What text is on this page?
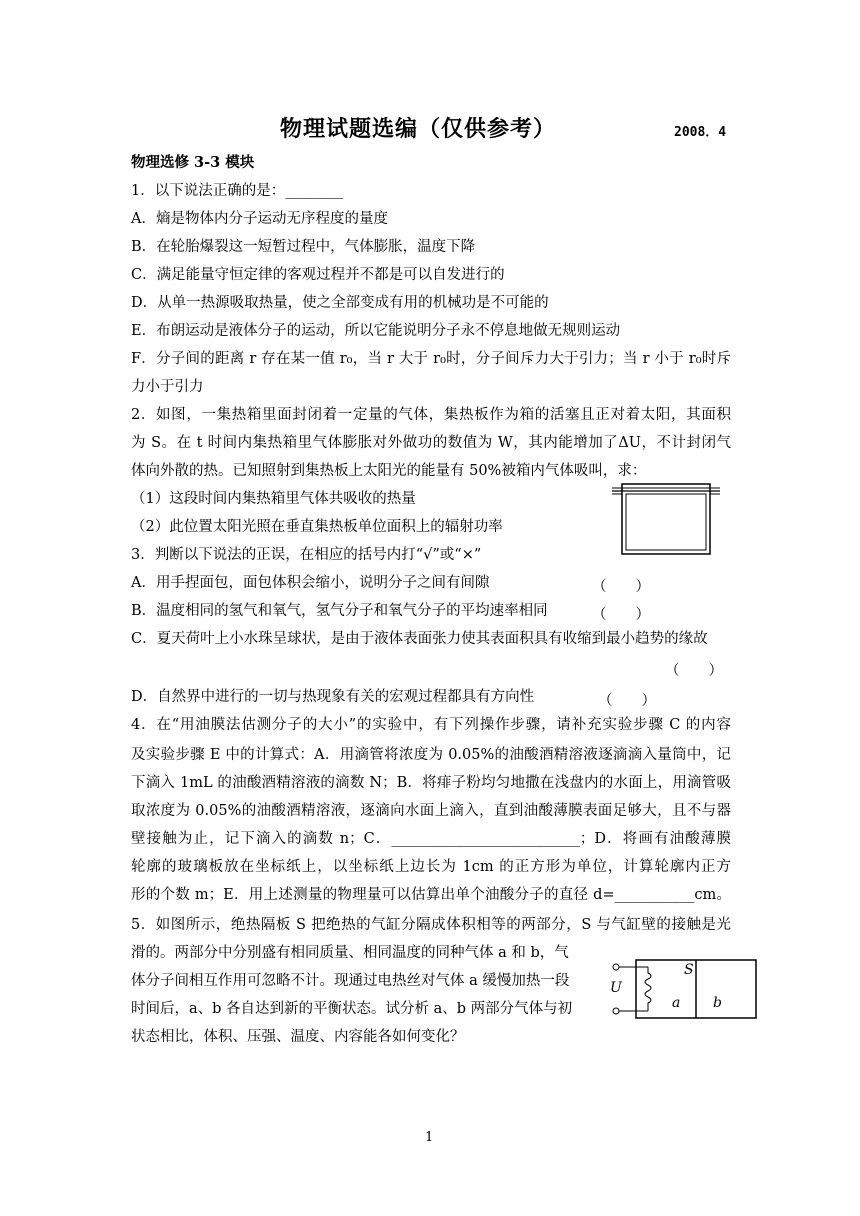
物理试题选编（仅供参考）	2008．4
物理选修 3-3 模块
1．以下说法正确的是：________
A．熵是物体内分子运动无序程度的量度
B．在轮胎爆裂这一短暂过程中，气体膨胀，温度下降
C．满足能量守恒定律的客观过程并不都是可以自发进行的
D．从单一热源吸取热量，使之全部变成有用的机械功是不可能的
E．布朗运动是液体分子的运动，所以它能说明分子永不停息地做无规则运动
F．分子间的距离 r 存在某一值 r₀，当 r 大于 r₀时，分子间斥力大于引力；当 r 小于 r₀时斥
力小于引力
2．如图，一集热箱里面封闭着一定量的气体，集热板作为箱的活塞且正对着太阳，其面积
为 S。在 t 时间内集热箱里气体膨胀对外做功的数值为 W，其内能增加了ΔU，不计封闭气
体向外散的热。已知照射到集热板上太阳光的能量有 50%被箱内气体吸叫，求：
（1）这段时间内集热箱里气体共吸收的热量
（2）此位置太阳光照在垂直集热板单位面积上的辐射功率
3．判断以下说法的正误，在相应的括号内打“√”或“×”
A．用手捏面包，面包体积会缩小，说明分子之间有间隙	（　　）
B．温度相同的氢气和氧气，氢气分子和氧气分子的平均速率相同	（　　）
C．夏天荷叶上小水珠呈球状，是由于液体表面张力使其表面积具有收缩到最小趋势的缘故
（　　）
D．自然界中进行的一切与热现象有关的宏观过程都具有方向性	（　　）
4．在“用油膜法估测分子的大小”的实验中，有下列操作步骤，请补充实验步骤 C 的内容
及实验步骤 E 中的计算式：A．用滴管将浓度为 0.05%的油酸酒精溶液逐滴滴入量筒中，记
下滴入 1mL 的油酸酒精溶液的滴数 N；B．将痱子粉均匀地撒在浅盘内的水面上，用滴管吸
取浓度为 0.05%的油酸酒精溶液，逐滴向水面上滴入，直到油酸薄膜表面足够大，且不与器
壁接触为止，记下滴入的滴数 n；C．__________________________；D．将画有油酸薄膜
轮廓的玻璃板放在坐标纸上，以坐标纸上边长为 1cm 的正方形为单位，计算轮廓内正方
形的个数 m；E．用上述测量的物理量可以估算出单个油酸分子的直径 d=___________cm。
5．如图所示，绝热隔板 S 把绝热的气缸分隔成体积相等的两部分，S 与气缸壁的接触是光
滑的。两部分中分别盛有相同质量、相同温度的同种气体 a 和 b，气
体分子间相互作用可忽略不计。现通过电热丝对气体 a 缓慢加热一段
时间后，a、b 各自达到新的平衡状态。试分析 a、b 两部分气体与初
状态相比，体积、压强、温度、内容能各如何变化？
S
U
a b
1
